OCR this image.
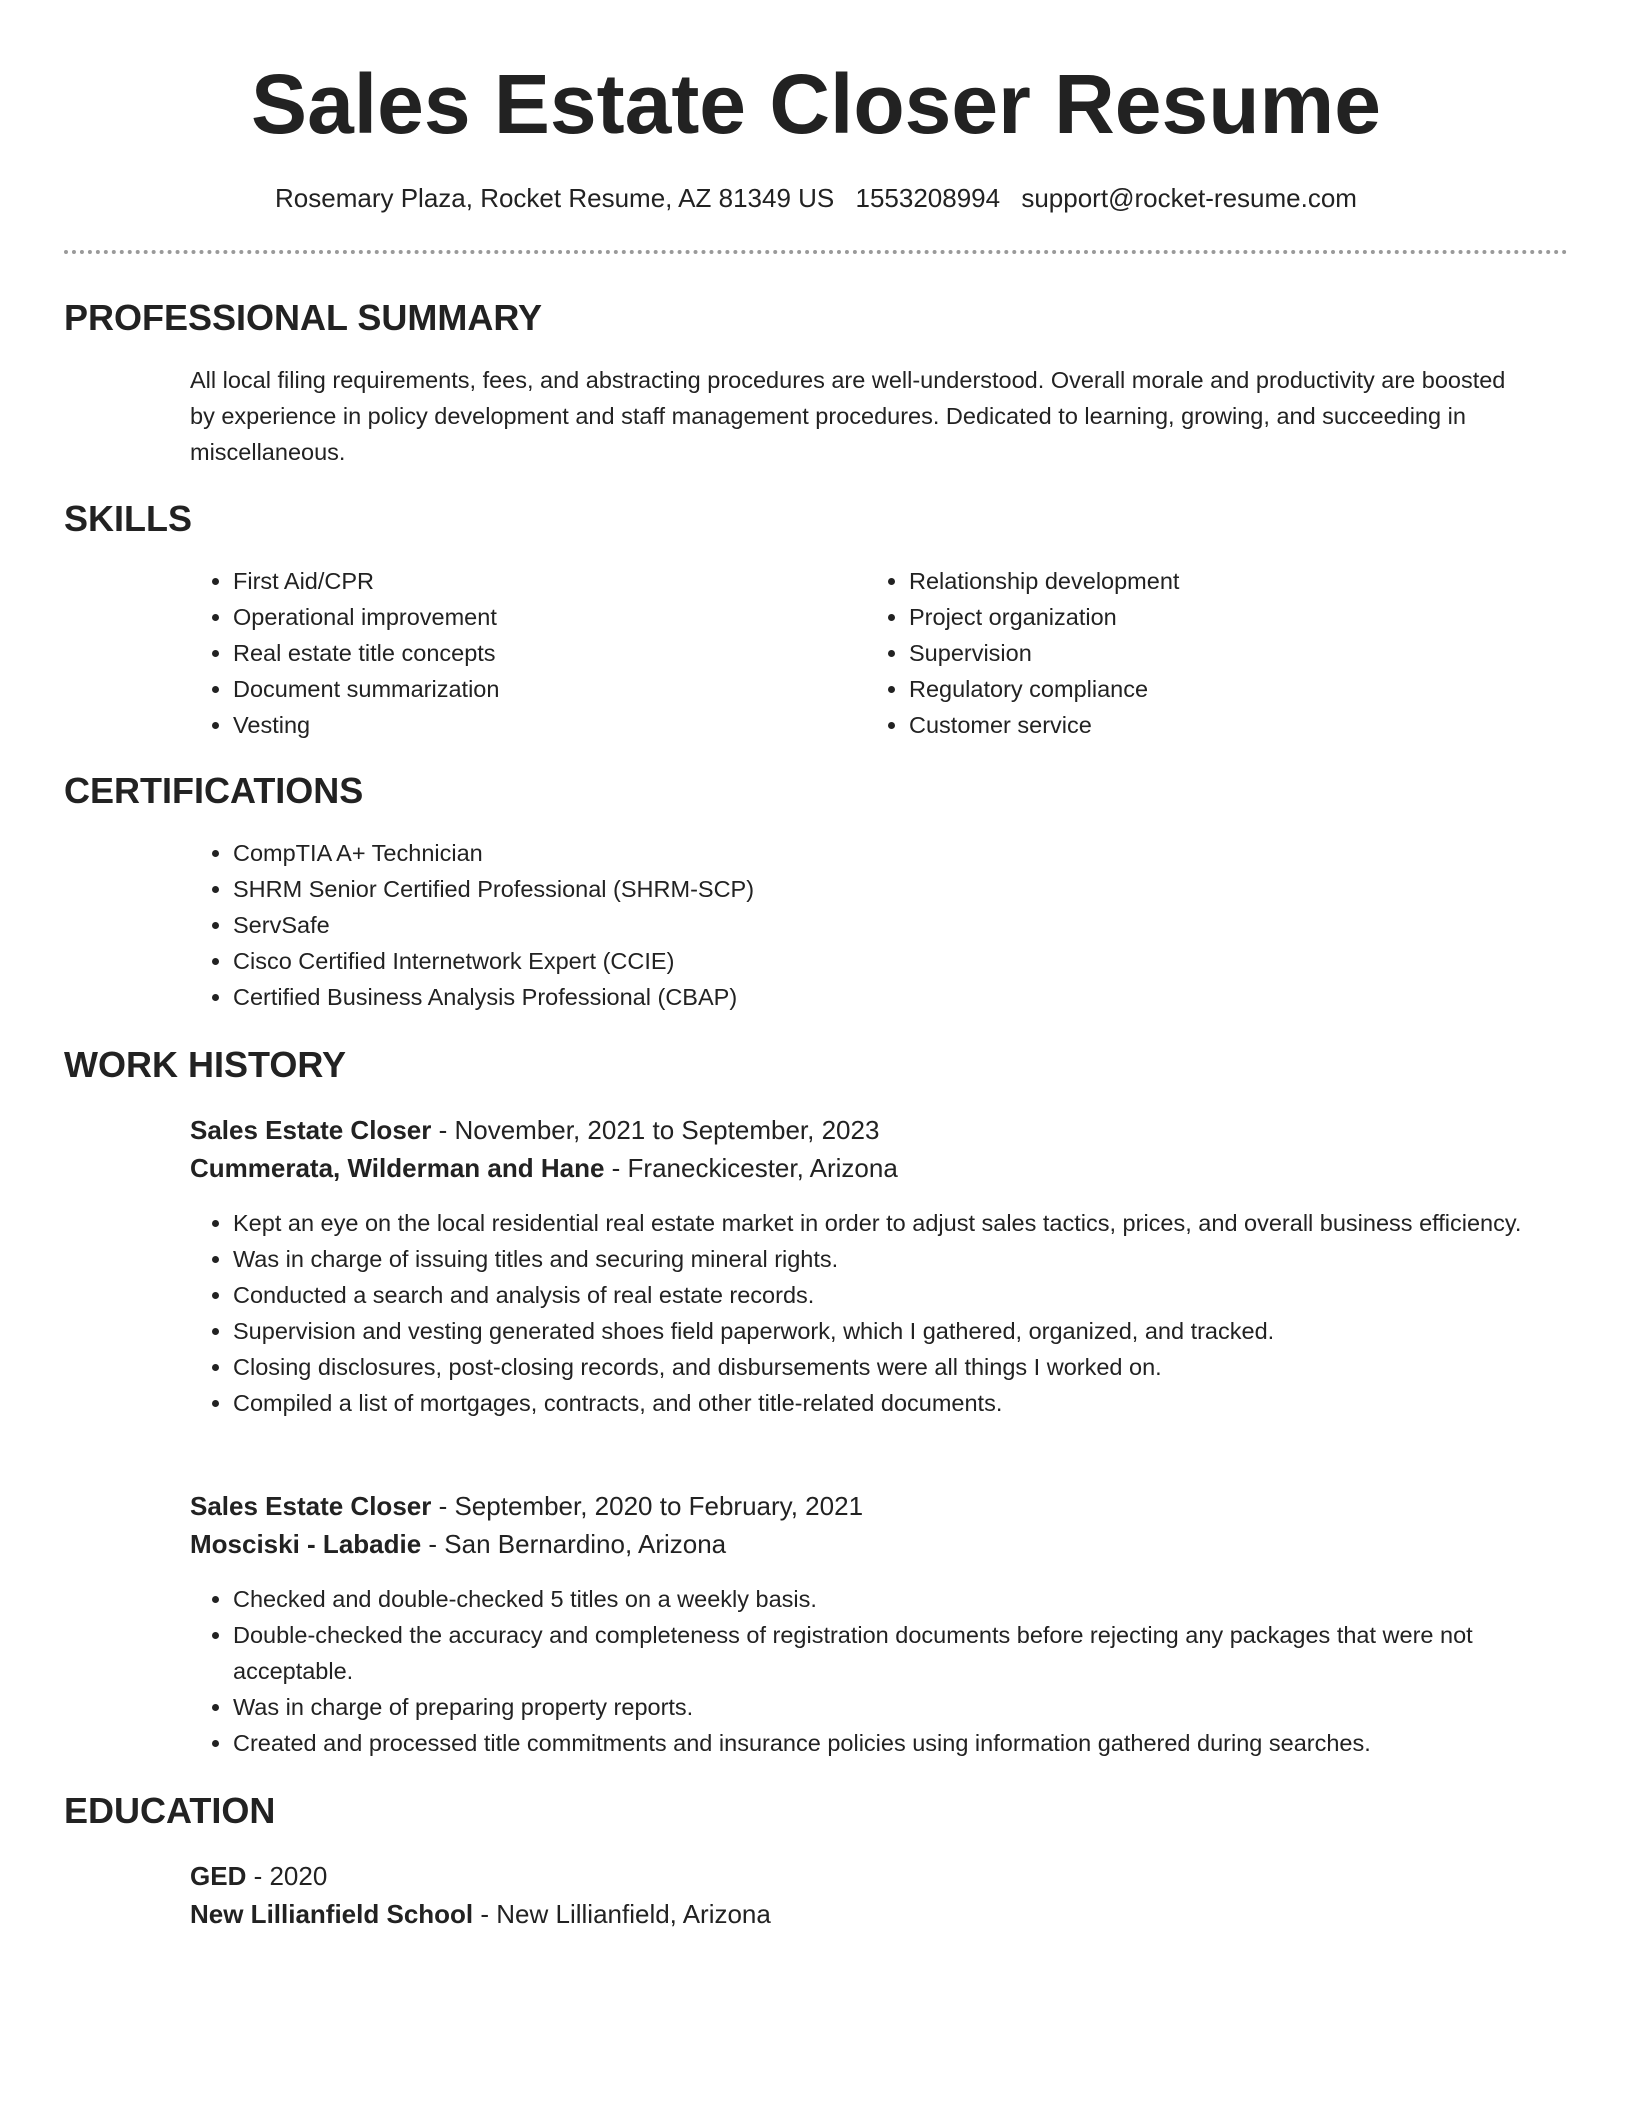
Sales Estate Closer Resume
Rosemary Plaza, Rocket Resume, AZ 81349 US 1553208994 support@rocket-resume.com
PROFESSIONAL SUMMARY

All local filing requirements, fees, and abstracting procedures are well-understood. Overall morale and productivity are boosted by experience in policy development and staff management procedures. Dedicated to learning, growing, and succeeding in miscellaneous.

SKILLS
• First Aid/CPR
• Operational improvement
• Real estate title concepts
• Document summarization
• Vesting
• Relationship development
• Project organization
• Supervision
• Regulatory compliance
• Customer service
CERTIFICATIONS
• CompTIA A+ Technician
• SHRM Senior Certified Professional (SHRM-SCP)
• ServSafe
• Cisco Certified Internetwork Expert (CCIE)
• Certified Business Analysis Professional (CBAP)
WORK HISTORY
Sales Estate Closer - November, 2021 to September, 2023
Cummerata, Wilderman and Hane - Franeckicester, Arizona
• Kept an eye on the local residential real estate market in order to adjust sales tactics, prices, and overall business efficiency.
• Was in charge of issuing titles and securing mineral rights.
• Conducted a search and analysis of real estate records.
• Supervision and vesting generated shoes field paperwork, which I gathered, organized, and tracked.
• Closing disclosures, post-closing records, and disbursements were all things I worked on.
• Compiled a list of mortgages, contracts, and other title-related documents.
Sales Estate Closer - September, 2020 to February, 2021
Mosciski - Labadie - San Bernardino, Arizona
• Checked and double-checked 5 titles on a weekly basis.
• Double-checked the accuracy and completeness of registration documents before rejecting any packages that were not acceptable.
• Was in charge of preparing property reports.
• Created and processed title commitments and insurance policies using information gathered during searches.
EDUCATION
GED - 2020
New Lillianfield School - New Lillianfield, Arizona
